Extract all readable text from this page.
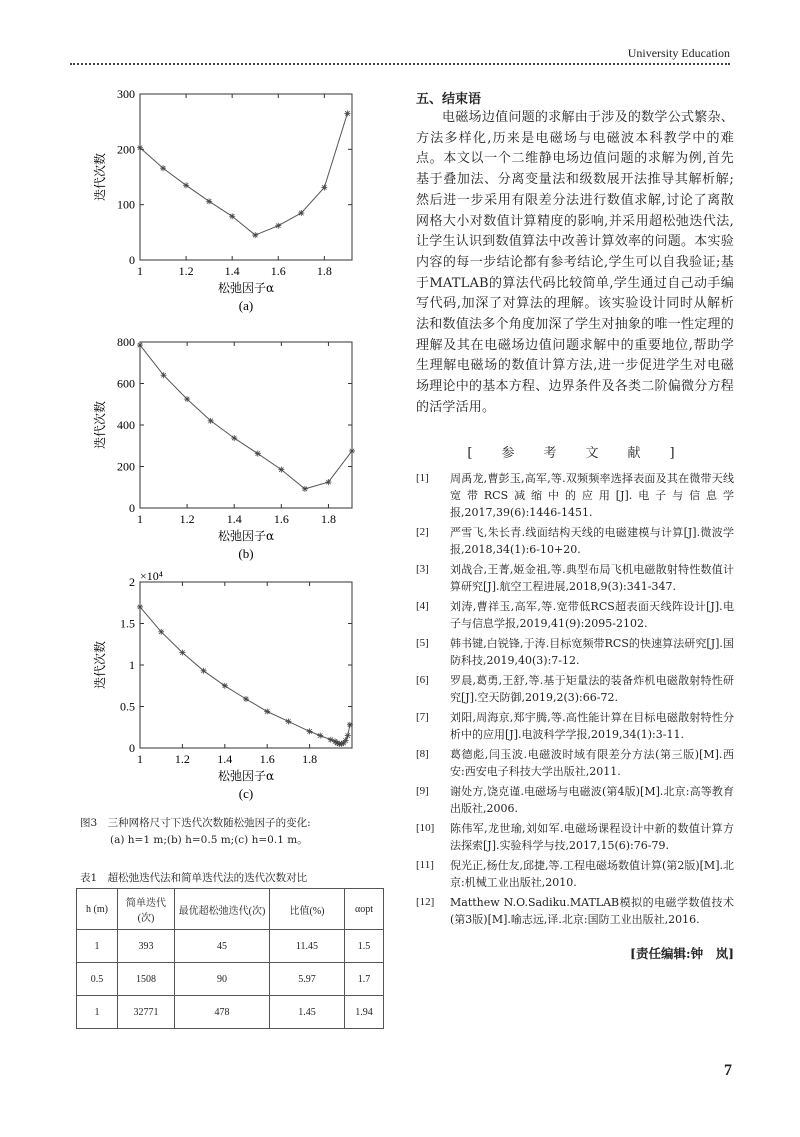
University Education
1	1.2	1.4	1.6	1.8
0
100
200
300
松弛因子α
迭代次数
(a)
1	1.2	1.4	1.6	1.8
0
200
400
600
800
松弛因子α
迭代次数
(b)
1	1.2 1.4 1.6 1.8
0
0.5
1
1.5
2
松弛因子α
迭代次数
(c)
×10⁴
图3　三种网格尺寸下迭代次数随松弛因子的变化:
(a) h=1 m;(b) h=0.5 m;(c) h=0.1 m。
表1　超松弛迭代法和简单迭代法的迭代次数对比
h (m)	简单迭代(次)	最优超松弛迭代(次)	比值(%)	αopt
1	393	45	11.45	1.5
0.5	1508	90	5.97	1.7
1	32771	478	1.45	1.94
五、结束语
电磁场边值问题的求解由于涉及的数学公式繁杂、方法多样化,历来是电磁场与电磁波本科教学中的难点。本文以一个二维静电场边值问题的求解为例,首先基于叠加法、分离变量法和级数展开法推导其解析解;然后进一步采用有限差分法进行数值求解,讨论了离散网格大小对数值计算精度的影响,并采用超松弛迭代法,让学生认识到数值算法中改善计算效率的问题。本实验内容的每一步结论都有参考结论,学生可以自我验证;基于MATLAB的算法代码比较简单,学生通过自己动手编写代码,加深了对算法的理解。该实验设计同时从解析法和数值法多个角度加深了学生对抽象的唯一性定理的理解及其在电磁场边值问题求解中的重要地位,帮助学生理解电磁场的数值计算方法,进一步促进学生对电磁场理论中的基本方程、边界条件及各类二阶偏微分方程的活学活用。
[　参　考　文　献　]
[1]	周禹龙,曹彭玉,高军,等.双频频率选择表面及其在微带天线宽带RCS减缩中的应用[J].电子与信息学报,2017,39(6):1446-1451.
[2]	严雪飞,朱长青.线面结构天线的电磁建模与计算[J].微波学报,2018,34(1):6-10+20.
[3]	刘战合,王菁,姬金祖,等.典型布局飞机电磁散射特性数值计算研究[J].航空工程进展,2018,9(3):341-347.
[4]	刘涛,曹祥玉,高军,等.宽带低RCS超表面天线阵设计[J].电子与信息学报,2019,41(9):2095-2102.
[5]	韩书键,白锐锋,于涛.目标宽频带RCS的快速算法研究[J].国防科技,2019,40(3):7-12.
[6]	罗晨,葛勇,王舒,等.基于矩量法的装备炸机电磁散射特性研究[J].空天防御,2019,2(3):66-72.
[7]	刘阳,周海京,郑宇腾,等.高性能计算在目标电磁散射特性分析中的应用[J].电波科学学报,2019,34(1):3-11.
[8]	葛德彪,闫玉波.电磁波时域有限差分方法(第三版)[M].西安:西安电子科技大学出版社,2011.
[9]	谢处方,饶克谨.电磁场与电磁波(第4版)[M].北京:高等教育出版社,2006.
[10]	陈伟军,龙世瑜,刘如军.电磁场课程设计中新的数值计算方法探索[J].实验科学与技,2017,15(6):76-79.
[11]	倪光正,杨仕友,邱捷,等.工程电磁场数值计算(第2版)[M].北京:机械工业出版社,2010.
[12]	Matthew N.O.Sadiku.MATLAB模拟的电磁学数值技术(第3版)[M].喻志远,译.北京:国防工业出版社,2016.
[责任编辑:钟　岚]
7
